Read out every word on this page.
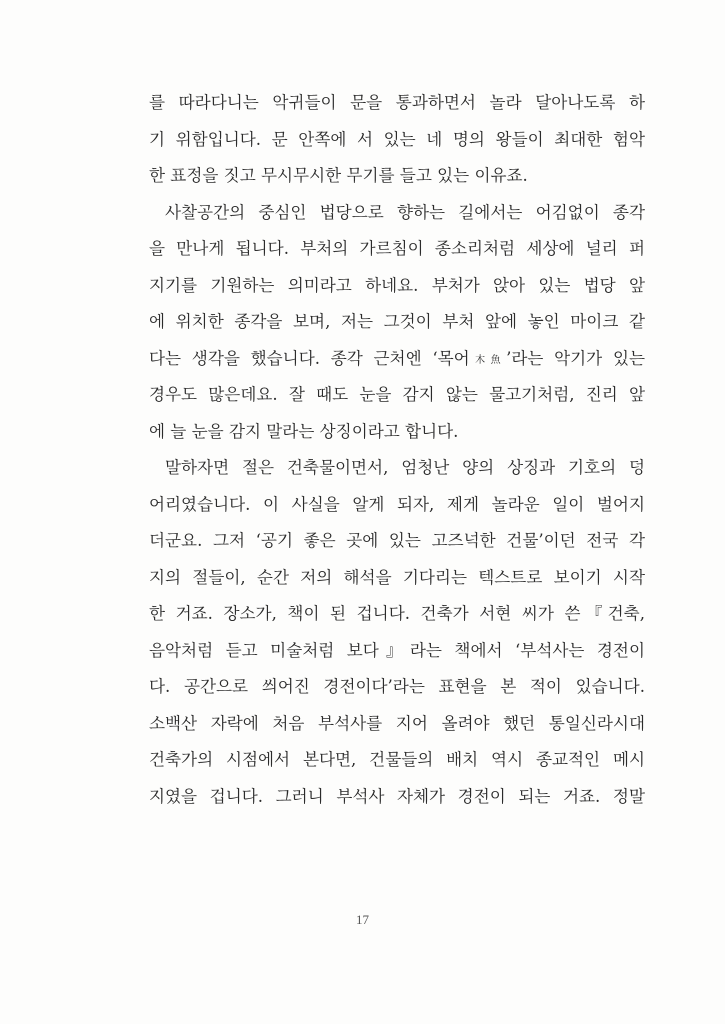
를 따라다니는 악귀들이 문을 통과하면서 놀라 달아나도록 하
기 위함입니다. 문 안쪽에 서 있는 네 명의 왕들이 최대한 험악
한 표정을 짓고 무시무시한 무기를 들고 있는 이유죠.
사찰공간의 중심인 법당으로 향하는 길에서는 어김없이 종각
을 만나게 됩니다. 부처의 가르침이 종소리처럼 세상에 널리 퍼
지기를 기원하는 의미라고 하네요. 부처가 앉아 있는 법당 앞
에 위치한 종각을 보며, 저는 그것이 부처 앞에 놓인 마이크 같
다는 생각을 했습니다. 종각 근처엔 ‘목어木魚’라는 악기가 있는
경우도 많은데요. 잘 때도 눈을 감지 않는 물고기처럼, 진리 앞
에 늘 눈을 감지 말라는 상징이라고 합니다.
말하자면 절은 건축물이면서, 엄청난 양의 상징과 기호의 덩
어리였습니다. 이 사실을 알게 되자, 제게 놀라운 일이 벌어지
더군요. 그저 ‘공기 좋은 곳에 있는 고즈넉한 건물’이던 전국 각
지의 절들이, 순간 저의 해석을 기다리는 텍스트로 보이기 시작
한 거죠. 장소가, 책이 된 겁니다. 건축가 서현 씨가 쓴『건축,
음악처럼 듣고 미술처럼 보다』라는 책에서 ‘부석사는 경전이
다. 공간으로 씌어진 경전이다’라는 표현을 본 적이 있습니다.
소백산 자락에 처음 부석사를 지어 올려야 했던 통일신라시대
건축가의 시점에서 본다면, 건물들의 배치 역시 종교적인 메시
지였을 겁니다. 그러니 부석사 자체가 경전이 되는 거죠. 정말
17
